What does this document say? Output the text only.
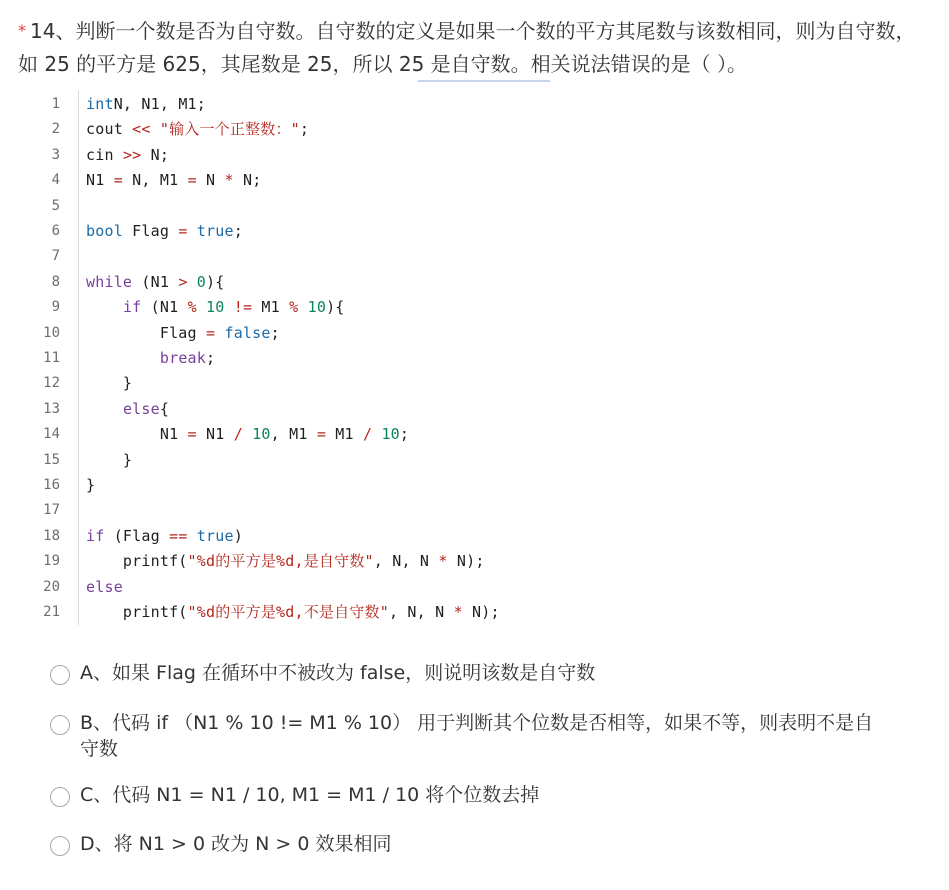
* 14、判断一个数是否为自守数。自守数的定义是如果一个数的平方其尾数与该数相同，则为自守数，如 25 的平方是 625，其尾数是 25，所以 25 是自守数。相关说法错误的是（ ）。
1 intN, N1, M1;
2 cout << "输入一个正整数：";
3 cin >> N;
4 N1 = N, M1 = N * N;
5
6 bool Flag = true;
7
8 while (N1 > 0){
9	if (N1 % 10 != M1 % 10){
10 Flag = false;
11	break;
12 }
13	else{
14 N1 = N1 / 10, M1 = M1 / 10;
15 }
16 }
17
18 if (Flag == true)
19 printf("%d的平方是%d,是自守数", N, N * N);
20 else
21 printf("%d的平方是%d,不是自守数", N, N * N);
A、如果 Flag 在循环中不被改为 false，则说明该数是自守数
B、代码 if （N1 % 10 != M1 % 10） 用于判断其个位数是否相等，如果不等，则表明不是自守数
C、代码 N1 = N1 / 10, M1 = M1 / 10 将个位数去掉
D、将 N1 > 0 改为 N > 0 效果相同
